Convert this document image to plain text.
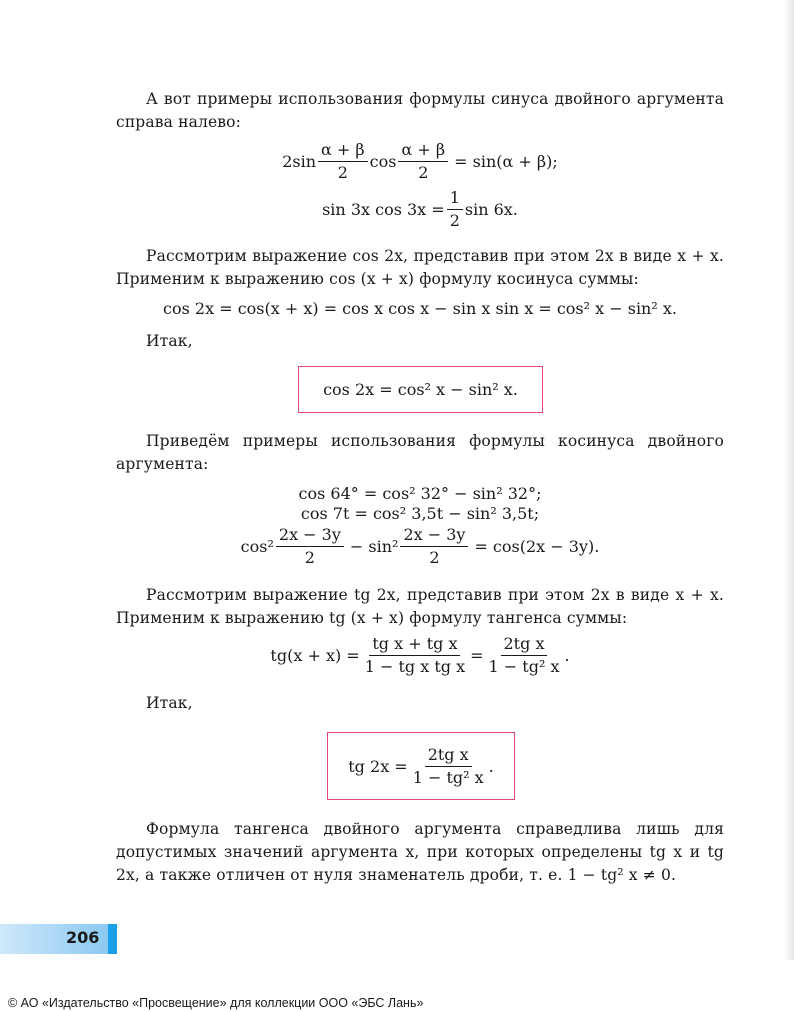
А вот примеры использования формулы синуса двойного аргумента справа налево:
$2\sin \frac{\alpha + \beta}{2}$ $\cos \frac{\alpha + \beta}{2} = \sin(\alpha + \beta)$;
sin 3x $\cos 3x = \frac{1}{2}$ sin 6x.
Рассмотрим выражение cos 2x, представив при этом 2x в виде x + x. Применим к выражению cos (x + x) формулу косинуса суммы:
cos 2x = cos(x + x) = cos x cos x − sin x sin x = cos² x − sin² x.
Итак,
cos 2x = cos² x − sin² x.
Приведём примеры использования формулы косинуса двойного аргумента:
cos 64° = cos² 32° − sin² 32°;
cos 7t = cos² 3,5t − sin² 3,5t;
$\cos^2 \frac{2x - 3y}{2} - \sin^2 \frac{2x - 3y}{2} = \cos(2x - 3y)$.
Рассмотрим выражение tg 2x, представив при этом 2x в виде x + x. Применим к выражению tg (x + x) формулу тангенса суммы:
$tg(x + x) = \frac{\text{tg x + tg x}}{\text{1 − tg x tg x}} = \frac{\text{2tg x}}{\text{1 − tg² x}}$ .
Итак,
tg $2x = \frac{\text{2tg x}}{\text{1 − tg² x}}$ .
Формула тангенса двойного аргумента справедлива лишь для допустимых значений аргумента x, при которых определены tg x и tg 2x, а также отличен от нуля знаменатель дроби, т. е. 1 − tg² x ≠ 0.
206
© АО «Издательство «Просвещение» для коллекции ООО «ЭБС Лань»
